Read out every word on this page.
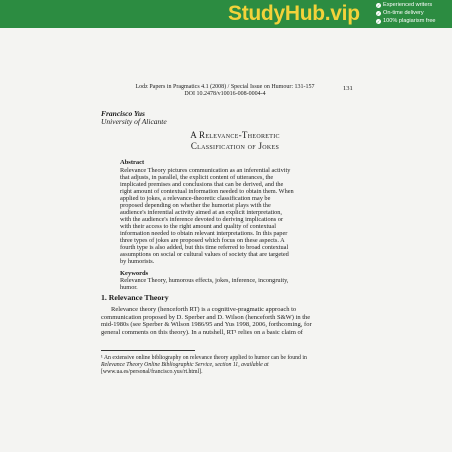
StudyHub.vip	✓ Experienced writers
✓ On-time delivery
✓ 100% plagiarism free
Lodz Papers in Pragmatics 4.1 (2008) / Special Issue on Humour: 131-157
DOI 10.2478/v10016-008-0004-4
131
Francisco Yus
University of Alicante
A Relevance-Theoretic
Classification of Jokes
Abstract
Relevance Theory pictures communication as an inferential activity
that adjusts, in parallel, the explicit content of utterances, the
implicated premises and conclusions that can be derived, and the
right amount of contextual information needed to obtain them. When
applied to jokes, a relevance-theoretic classification may be
proposed depending on whether the humorist plays with the
audience's inferential activity aimed at an explicit interpretation,
with the audience's inference devoted to deriving implications or
with their access to the right amount and quality of contextual
information needed to obtain relevant interpretations. In this paper
three types of jokes are proposed which focus on these aspects. A
fourth type is also added, but this time referred to broad contextual
assumptions on social or cultural values of society that are targeted
by humorists.
Keywords
Relevance Theory, humorous effects, jokes, inference, incongruity,
humor.
1. Relevance Theory
Relevance theory (henceforth RT) is a cognitive-pragmatic approach to
communication proposed by D. Sperber and D. Wilson (henceforth S&W) in the
mid-1980s (see Sperber & Wilson 1986/95 and Yus 1998, 2006, forthcoming, for
general comments on this theory). In a nutshell, RT¹ relies on a basic claim of
¹ An extensive online bibliography on relevance theory applied to humor can be found in
Relevance Theory Online Bibliographic Service, section 11, available at
[www.ua.es/personal/francisco.yus/rt.html].
